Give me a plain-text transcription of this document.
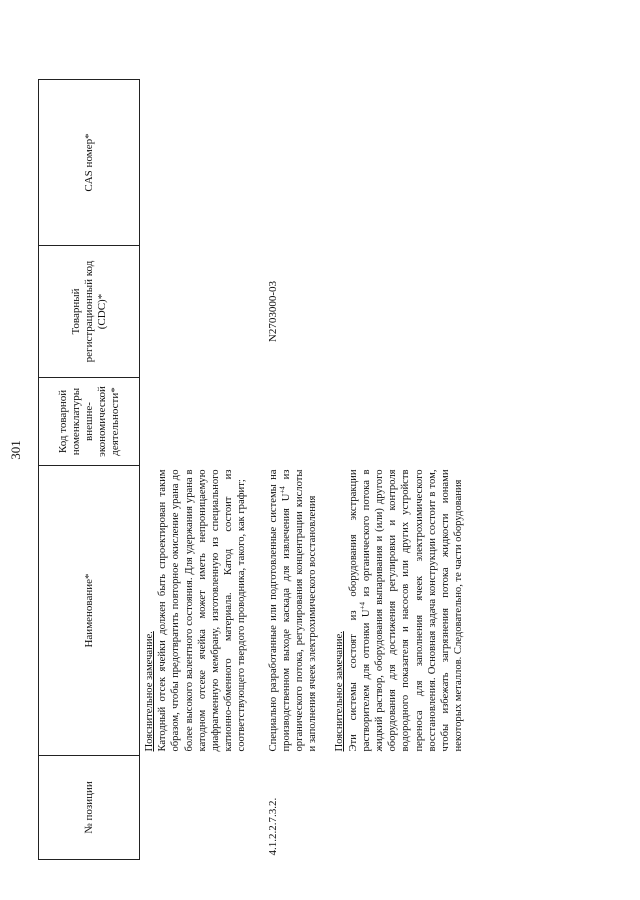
301
№ позиции	Наименование*	Код товарной номенклатуры внешне-экономической деятельности*	Товарный регистрационный код (CDC)*	CAS номер*

	Пояснительное замечание. Катодный отсек ячейки должен быть спроектирован таким образом, чтобы предотвратить повторное окисление урана до более высокого валентного состояния. Для удержания урана в катодном отсеке ячейка может иметь непроницаемую диафрагменную мембрану, изготовленную из специального катионно-обменного материала. Катод состоит из соответствующего твердого проводника, такого, как графит;			

4.1.2.2.7.3.2.	Специально разработанные или подготовленные системы на производственном выходе каскада для извлечения $U^{+4}$ из органического потока, регулирования концентрации кислоты и заполнения ячеек электрохимического восстановления Пояснительное замечание. Эти системы состоят из оборудования экстракции растворителем для отгонки $U^{+4}$ из органического потока в жидкий раствор, оборудования выпаривания и (или) другого оборудования для достижения регулировки и контроля водородного показателя и насосов или других устройств переноса для заполнения ячеек электрохимического восстановления. Основная задача конструкции состоит в том, чтобы избежать загрязнения потока жидкости ионами некоторых металлов. Следовательно, те части оборудования		N2703000-03	
